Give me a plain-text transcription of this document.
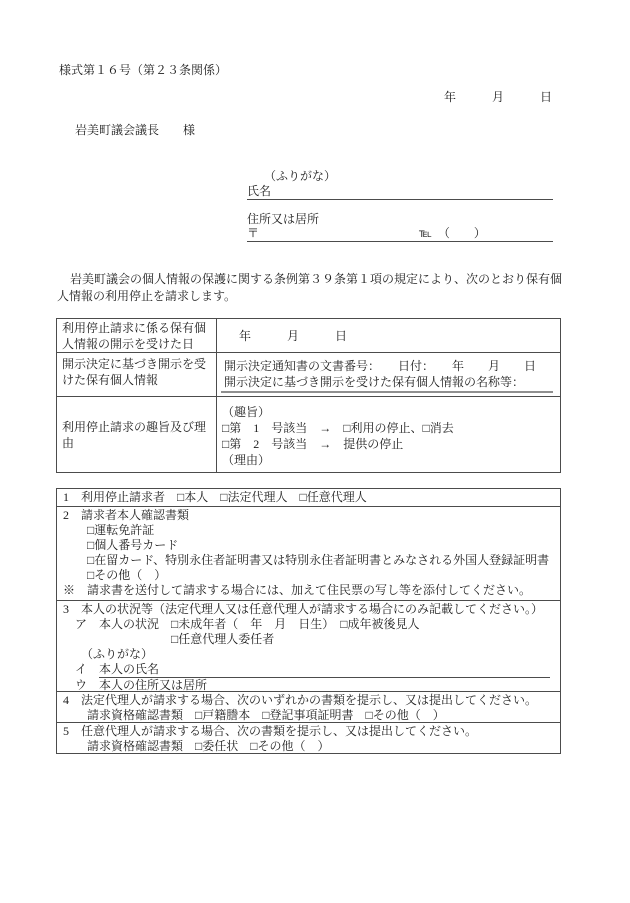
様式第１６号（第２３条関係）
年　　　月　　　日
岩美町議会議長　　様
（ふりがな）
氏名
住所又は居所
〒	℡　（　　）
岩美町議会の個人情報の保護に関する条例第３９条第１項の規定により、次のとおり保有個人情報の利用停止を請求します。
利用停止請求に係る保有個人情報の開示を受けた日
年　　　月　　　日
開示決定に基づき開示を受けた保有個人情報
開示決定通知書の文書番号：　　日付：　　年　　月　　日
開示決定に基づき開示を受けた保有個人情報の名称等：
利用停止請求の趣旨及び理由
（趣旨）
□第　1　号該当　→　□利用の停止、□消去
□第　2　号該当　→　提供の停止
（理由）
1　利用停止請求者　□本人　□法定代理人　□任意代理人
2　請求者本人確認書類
　　□運転免許証
　　□個人番号カード
　　□在留カード、特別永住者証明書又は特別永住者証明書とみなされる外国人登録証明書
　　□その他（　）
※　請求書を送付して請求する場合には、加えて住民票の写し等を添付してください。
3　本人の状況等（法定代理人又は任意代理人が請求する場合にのみ記載してください。）
　ア　本人の状況　□未成年者（　年　月　日生）　□成年被後見人
　　　　　　　　　□任意代理人委任者
　　（ふりがな）
　イ　 本人の氏名
　ウ　 本人の住所又は居所
4　法定代理人が請求する場合、次のいずれかの書類を提示し、又は提出してください。
　　請求資格確認書類　□戸籍謄本　□登記事項証明書　□その他（　）
5　任意代理人が請求する場合、次の書類を提示し、又は提出してください。
　　請求資格確認書類　□委任状　□その他（　）
